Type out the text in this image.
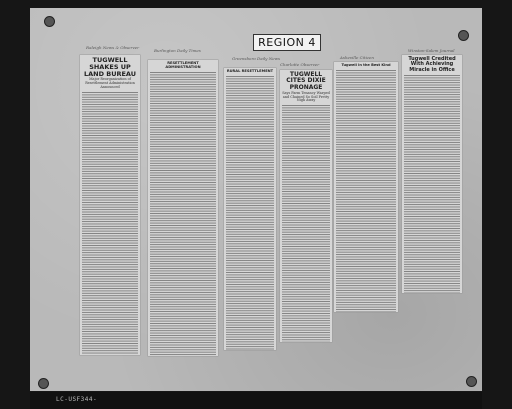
REGION 4
Raleigh News & Observer
Burlington Daily Times
Greensboro Daily News
Charlotte Observer
Asheville Citizen
Winston-Salem Journal
TUGWELL SHAKES UP LAND BUREAU
Major Reorganization of Resettlement Administration Announced
RESETTLEMENT ADMINISTRATION
RURAL RESETTLEMENT	TUGWELL CITES DIXIE PRONAGE
Says Farm Tenancy Warped and Chained So Soil Pretty Nigh Away
Tugwell in the Best Kind
Tugwell Credited With Achieving Miracle in Office
LC-USF344-
